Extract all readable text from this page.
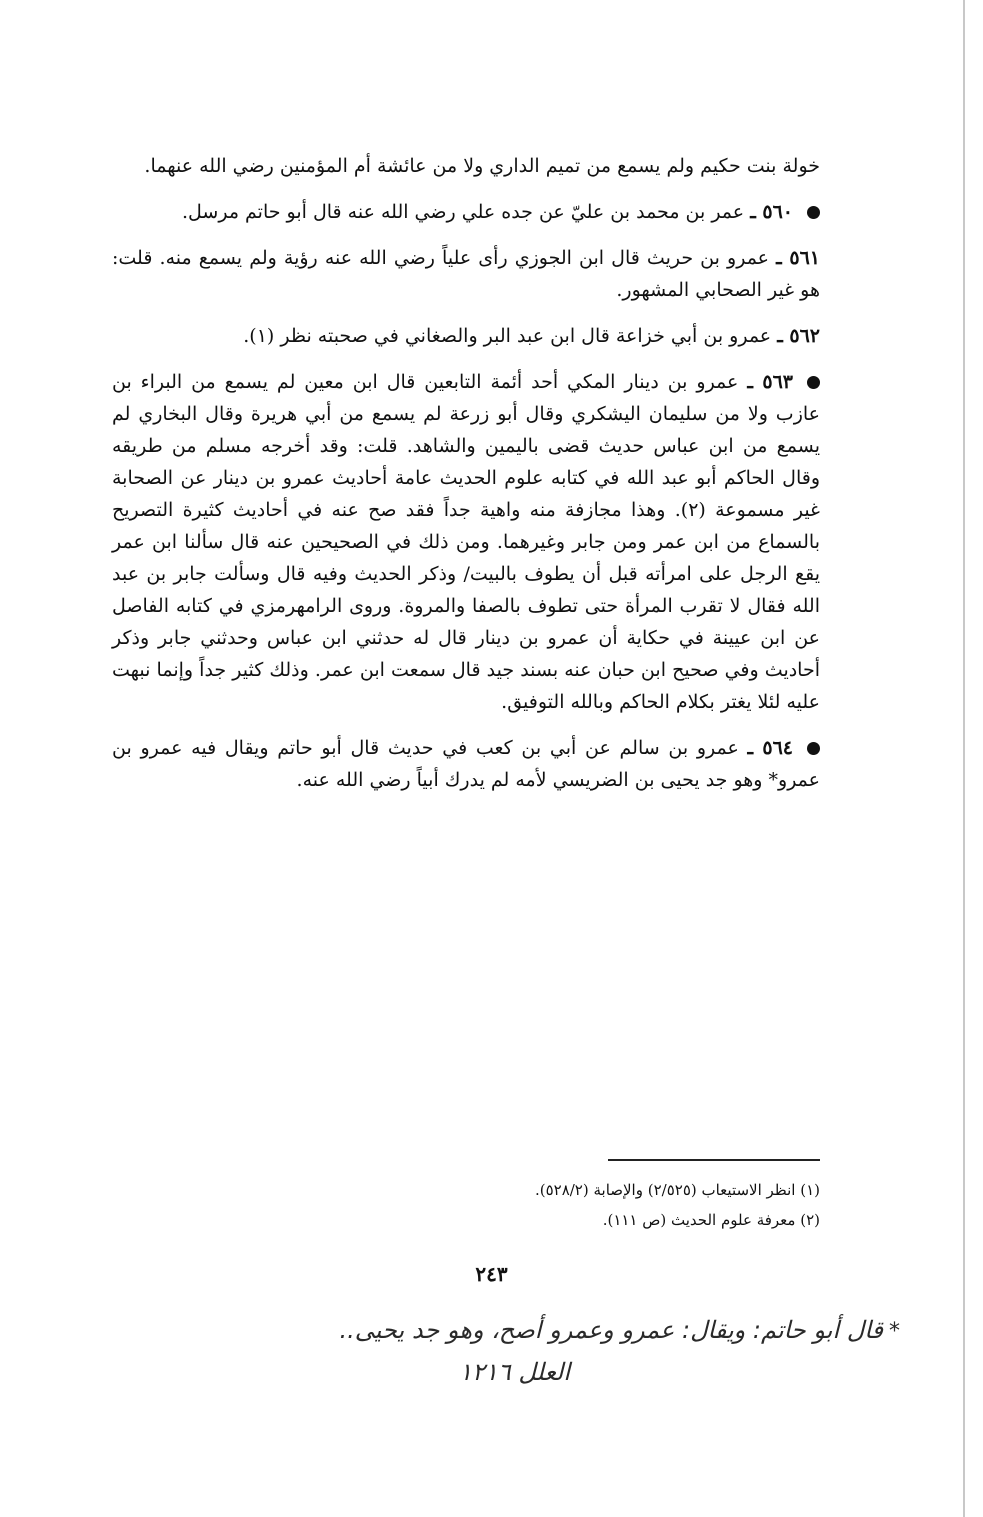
خولة بنت حكيم ولم يسمع من تميم الداري ولا من عائشة أم المؤمنين رضي الله عنهما.
٥٦٠ ـ عمر بن محمد بن عليّ عن جده علي رضي الله عنه قال أبو حاتم مرسل.
٥٦١ ـ عمرو بن حريث قال ابن الجوزي رأى علياً رضي الله عنه رؤية ولم يسمع منه. قلت: هو غير الصحابي المشهور.
٥٦٢ ـ عمرو بن أبي خزاعة قال ابن عبد البر والصغاني في صحبته نظر (١).
٥٦٣ ـ عمرو بن دينار المكي أحد أئمة التابعين قال ابن معين لم يسمع من البراء بن عازب ولا من سليمان اليشكري وقال أبو زرعة لم يسمع من أبي هريرة وقال البخاري لم يسمع من ابن عباس حديث قضى باليمين والشاهد. قلت: وقد أخرجه مسلم من طريقه وقال الحاكم أبو عبد الله في كتابه علوم الحديث عامة أحاديث عمرو بن دينار عن الصحابة غير مسموعة (٢). وهذا مجازفة منه واهية جداً فقد صح عنه في أحاديث كثيرة التصريح بالسماع من ابن عمر ومن جابر وغيرهما. ومن ذلك في الصحيحين عنه قال سألنا ابن عمر يقع الرجل على امرأته قبل أن يطوف بالبيت/ وذكر الحديث وفيه قال وسألت جابر بن عبد الله فقال لا تقرب المرأة حتى تطوف بالصفا والمروة. وروى الرامهرمزي في كتابه الفاصل عن ابن عيينة في حكاية أن عمرو بن دينار قال له حدثني ابن عباس وحدثني جابر وذكر أحاديث وفي صحيح ابن حبان عنه بسند جيد قال سمعت ابن عمر. وذلك كثير جداً وإنما نبهت عليه لئلا يغتر بكلام الحاكم وبالله التوفيق.
٥٦٤ ـ عمرو بن سالم عن أبي بن كعب في حديث قال أبو حاتم ويقال فيه عمرو بن عمرو* وهو جد يحيى بن الضريسي لأمه لم يدرك أبياً رضي الله عنه.
(١) انظر الاستيعاب (٢/٥٢٥) والإصابة (٥٢٨/٢).
(٢) معرفة علوم الحديث (ص ١١١).
٢٤٣
*قال أبو حاتم: ويقال: عمرو وعمرو أصح، وهو جد يحيى..
العلل ١٢١٦
